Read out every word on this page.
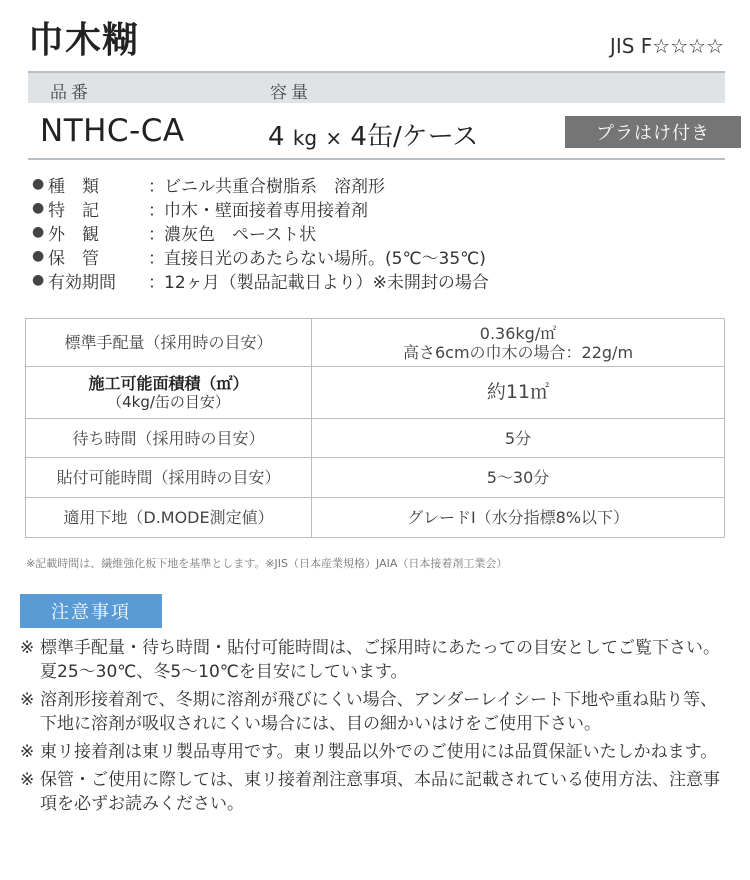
巾木糊	JIS F☆☆☆☆
品番	容量
NTHC-CA	4 kg × 4缶/ケース	プラはけ付き
● 種　類	： ビニル共重合樹脂系　溶剤形
● 特　記	： 巾木・壁面接着専用接着剤
● 外　観	： 濃灰色　ペースト状
● 保　管	： 直接日光のあたらない場所。(5℃～35℃)
● 有効期間	： 12ヶ月（製品記載日より）※未開封の場合
標準手配量（採用時の目安）	0.36kg/㎡
高さ6cmの巾木の場合：22g/m

施工可能面積積（㎡）
（4kg/缶の目安）	約11㎡
待ち時間（採用時の目安）	5分
貼付可能時間（採用時の目安）	5～30分
適用下地（D.MODE測定値）	グレードⅠ（水分指標8%以下）
※記載時間は、繊維強化板下地を基準とします。※JIS（日本産業規格）JAIA（日本接着剤工業会）
注意事項
※ 標準手配量・待ち時間・貼付可能時間は、ご採用時にあたっての目安としてご覧下さい。夏25～30℃、冬5～10℃を目安にしています。
※ 溶剤形接着剤で、冬期に溶剤が飛びにくい場合、アンダーレイシート下地や重ね貼り等、下地に溶剤が吸収されにくい場合には、目の細かいはけをご使用下さい。
※ 東リ接着剤は東リ製品専用です。東リ製品以外でのご使用には品質保証いたしかねます。
※ 保管・ご使用に際しては、東リ接着剤注意事項、本品に記載されている使用方法、注意事項を必ずお読みください。
